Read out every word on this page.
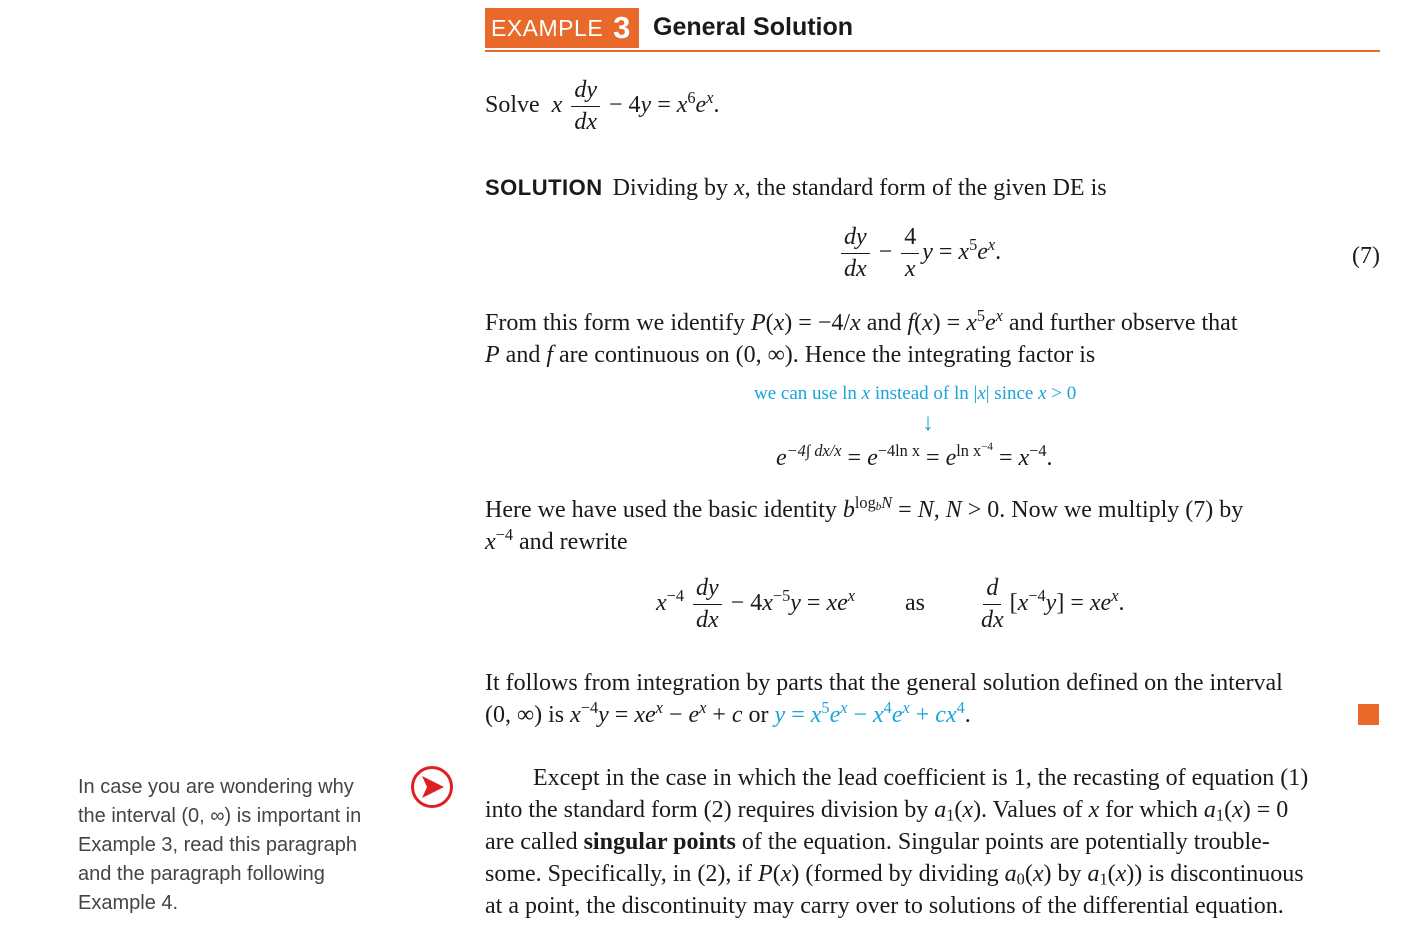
EXAMPLE 3 General Solution
Solve x $\frac{dy}{dx} - 4y = x^6e^x$.
SOLUTION Dividing by x, the standard form of the given DE is
$\frac{dy}{dx} - \frac{4}{x}$ $y = x^5e^x$.	(7)
From this form we identify P(x) = −4/x and $f(x) = x^5e^x$ and further observe that
P and f are continuous on (0, ∞). Hence the integrating factor is
we can use ln x instead of ln |x| since x > 0
↓
$e^{-4\int dx/x} = e^{-4ln x} = e^{ln x^{-4}} = x^{-4}$.
Here we have used the basic identity $b^{log_bN} = N$, N > 0. Now we multiply (7) by
$x^{-4}$ and rewrite
$x^{-4} \frac{dy}{dx} - 4x^{-5}y = xe^x$ as $\frac{d}{dx} [x^{-4}y] = xe^x$.
It follows from integration by parts that the general solution defined on the interval
(0, ∞) is $x^{-4}y = xe^x - e^x + c$ or $y = x^5e^x - x^4e^x + cx^4$.
In case you are wondering why
the interval (0, ∞) is important in
Example 3, read this paragraph
and the paragraph following
Example 4.
Except in the case in which the lead coefficient is 1, the recasting of equation (1)
into the standard form (2) requires division by $a_1(x)$. Values of x for which $a_1(x) = 0$
are called singular points of the equation. Singular points are potentially trouble-
some. Specifically, in (2), if P(x) (formed by dividing $a_0(x)$ by $a_1(x)$) is discontinuous
at a point, the discontinuity may carry over to solutions of the differential equation.
